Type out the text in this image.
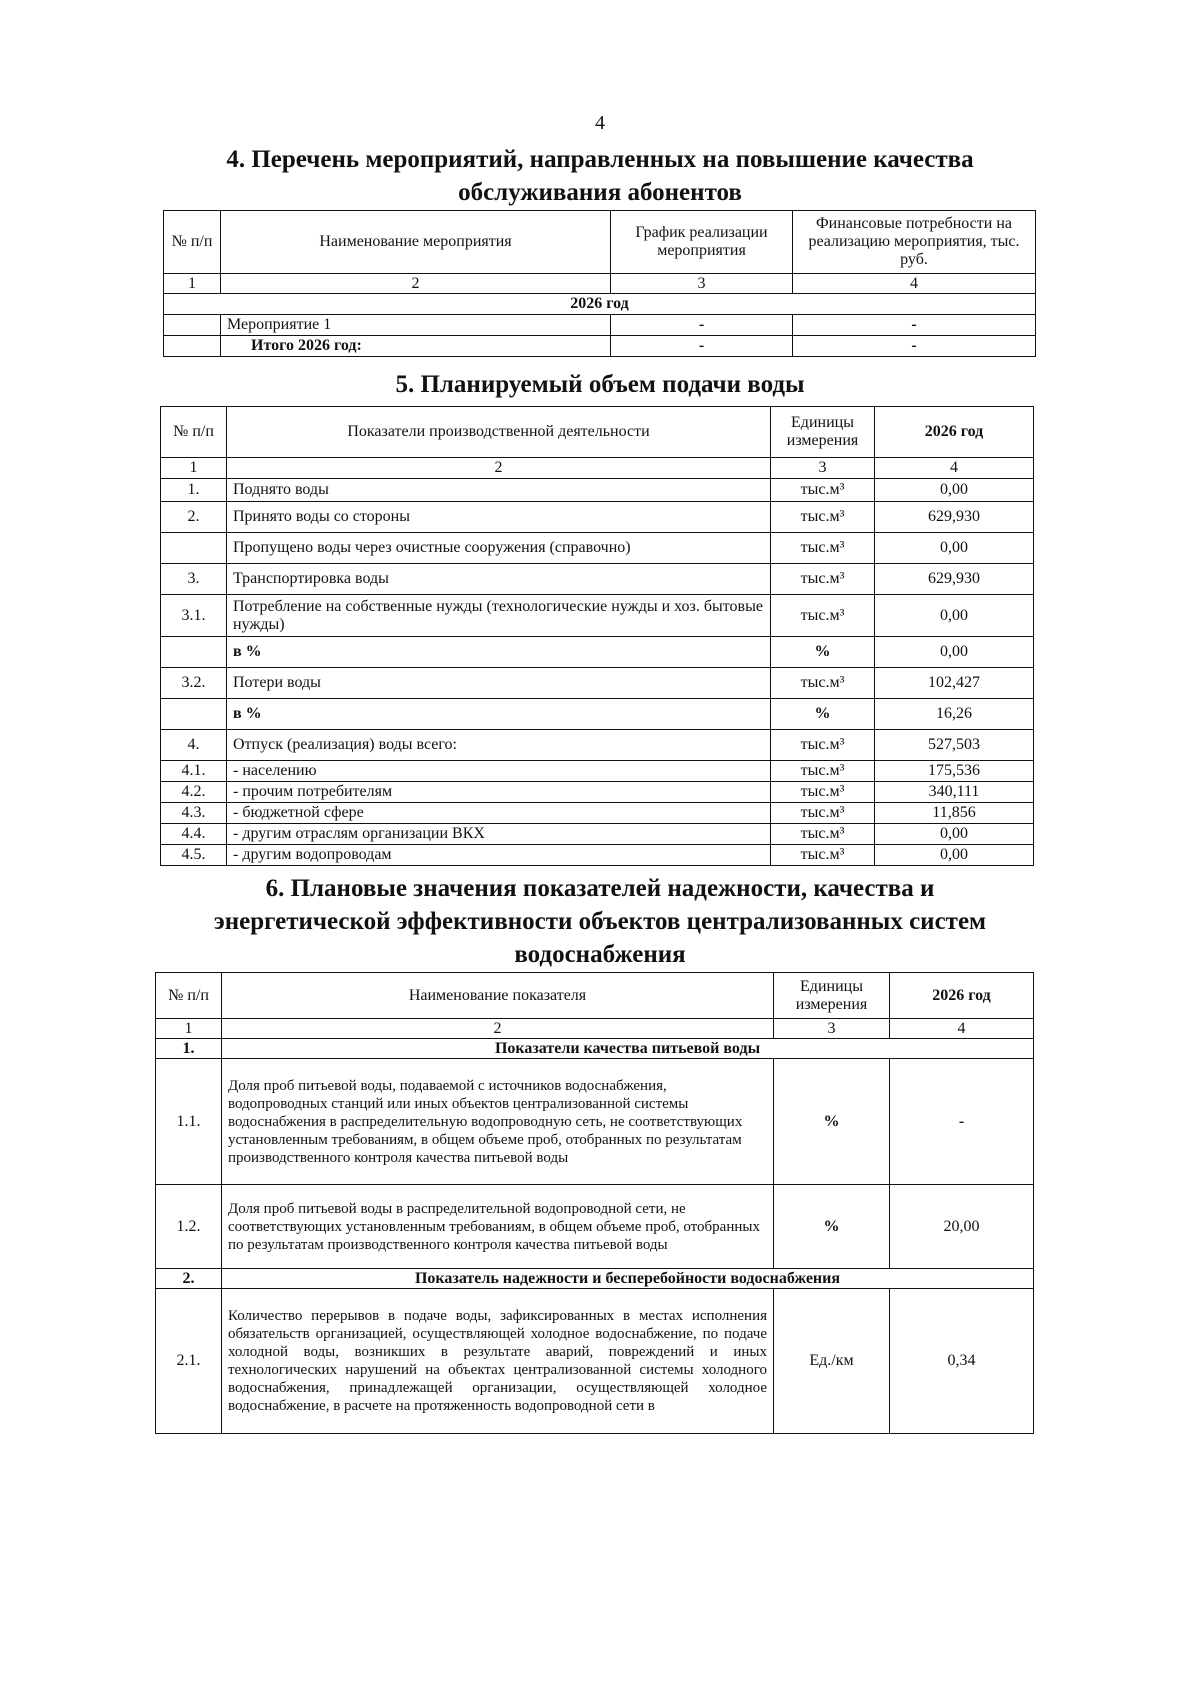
4
4. Перечень мероприятий, направленных на повышение качества
обслуживания абонентов
№ п/п	Наименование мероприятия	График реализации мероприятия	Финансовые потребности на реализацию мероприятия, тыс. руб.
1	2	3	4
2026 год			
	Мероприятие 1	-	-
	Итого 2026 год:	-	-
5. Планируемый объем подачи воды
№ п/п	Показатели производственной деятельности	Единицы измерения	2026 год
1	2	3	4
1.	Поднято воды	тыс.м³	0,00
2.	Принято воды со стороны	тыс.м³	629,930
	Пропущено воды через очистные сооружения (справочно)	тыс.м³	0,00
3.	Транспортировка воды	тыс.м³	629,930
3.1.	Потребление на собственные нужды (технологические нужды и хоз. бытовые нужды)	тыс.м³	0,00
	в %	%	0,00
3.2.	Потери воды	тыс.м³	102,427
	в %	%	16,26
4.	Отпуск (реализация) воды всего:	тыс.м³	527,503
4.1.	- населению	тыс.м³	175,536
4.2.	- прочим потребителям	тыс.м³	340,111
4.3.	- бюджетной сфере	тыс.м³	11,856
4.4.	- другим отраслям организации ВКХ	тыс.м³	0,00
4.5.	- другим водопроводам	тыс.м³	0,00
6. Плановые значения показателей надежности, качества и
энергетической эффективности объектов централизованных систем
водоснабжения
№ п/п	Наименование показателя	Единицы измерения	2026 год
1	2	3	4
1.	Показатели качества питьевой воды		
1.1.	Доля проб питьевой воды, подаваемой с источников водоснабжения, водопроводных станций или иных объектов централизованной системы водоснабжения в распределительную водопроводную сеть, не соответствующих установленным требованиям, в общем объеме проб, отобранных по результатам производственного контроля качества питьевой воды	%	-
1.2.	Доля проб питьевой воды в распределительной водопроводной сети, не соответствующих установленным требованиям, в общем объеме проб, отобранных по результатам производственного контроля качества питьевой воды	%	20,00
2.	Показатель надежности и бесперебойности водоснабжения		
2.1.	Количество перерывов в подаче воды, зафиксированных в местах исполнения обязательств организацией, осуществляющей холодное водоснабжение, по подаче холодной воды, возникших в результате аварий, повреждений и иных технологических нарушений на объектах централизованной системы холодного водоснабжения, принадлежащей организации, осуществляющей холодное водоснабжение, в расчете на протяженность водопроводной сети в	Ед./км	0,34
